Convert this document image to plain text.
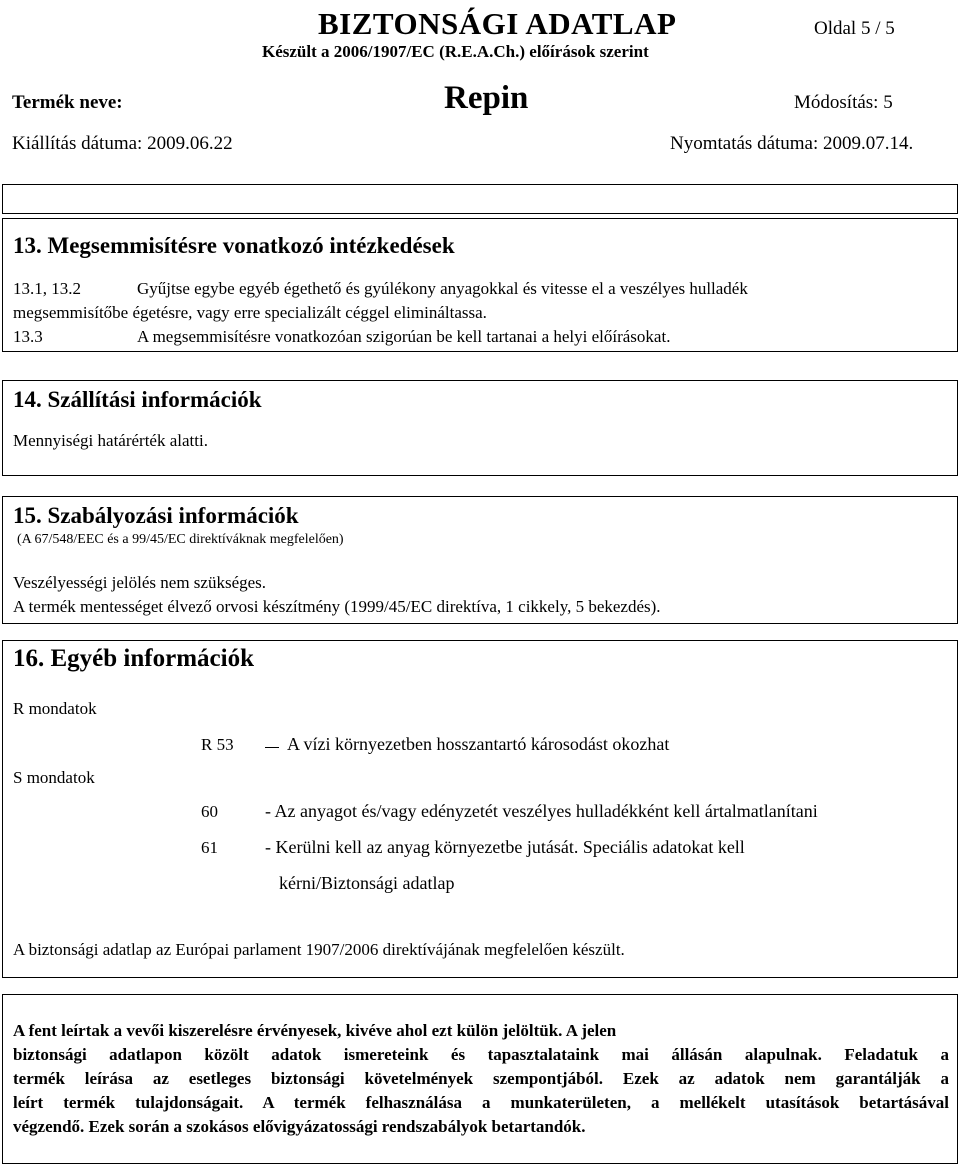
BIZTONSÁGI ADATLAP	Oldal 5 / 5
Készült a 2006/1907/EC (R.E.A.Ch.) előírások szerint
Termék neve:	Repin	Módosítás: 5
Kiállítás dátuma: 2009.06.22	Nyomtatás dátuma: 2009.07.14.
13. Megsemmisítésre vonatkozó intézkedések
13.1, 13.2	Gyűjtse egybe egyéb égethető és gyúlékony anyagokkal és vitesse el a veszélyes hulladék
megsemmisítőbe égetésre, vagy erre specializált céggel elimináltassa.
13.3	A megsemmisítésre vonatkozóan szigorúan be kell tartanai a helyi előírásokat.
14. Szállítási információk
Mennyiségi határérték alatti.
15. Szabályozási információk
(A 67/548/EEC és a 99/45/EC direktíváknak megfelelően)
Veszélyességi jelölés nem szükséges.
A termék mentességet élvező orvosi készítmény (1999/45/EC direktíva, 1 cikkely, 5 bekezdés).
16. Egyéb információk
R mondatok
R 53	A vízi környezetben hosszantartó károsodást okozhat
S mondatok
60	- Az anyagot és/vagy edényzetét veszélyes hulladékként kell ártalmatlanítani
61	- Kerülni kell az anyag környezetbe jutását. Speciális adatokat kell
kérni/Biztonsági adatlap
A biztonsági adatlap az Európai parlament 1907/2006 direktívájának megfelelően készült.
A fent leírtak a vevői kiszerelésre érvényesek, kivéve ahol ezt külön jelöltük. A jelen
biztonsági adatlapon közölt adatok ismereteink és tapasztalataink mai állásán alapulnak. Feladatuk a
termék leírása az esetleges biztonsági követelmények szempontjából. Ezek az adatok nem garantálják a
leírt termék tulajdonságait. A termék felhasználása a munkaterületen, a mellékelt utasítások betartásával
végzendő. Ezek során a szokásos elővigyázatossági rendszabályok betartandók.
